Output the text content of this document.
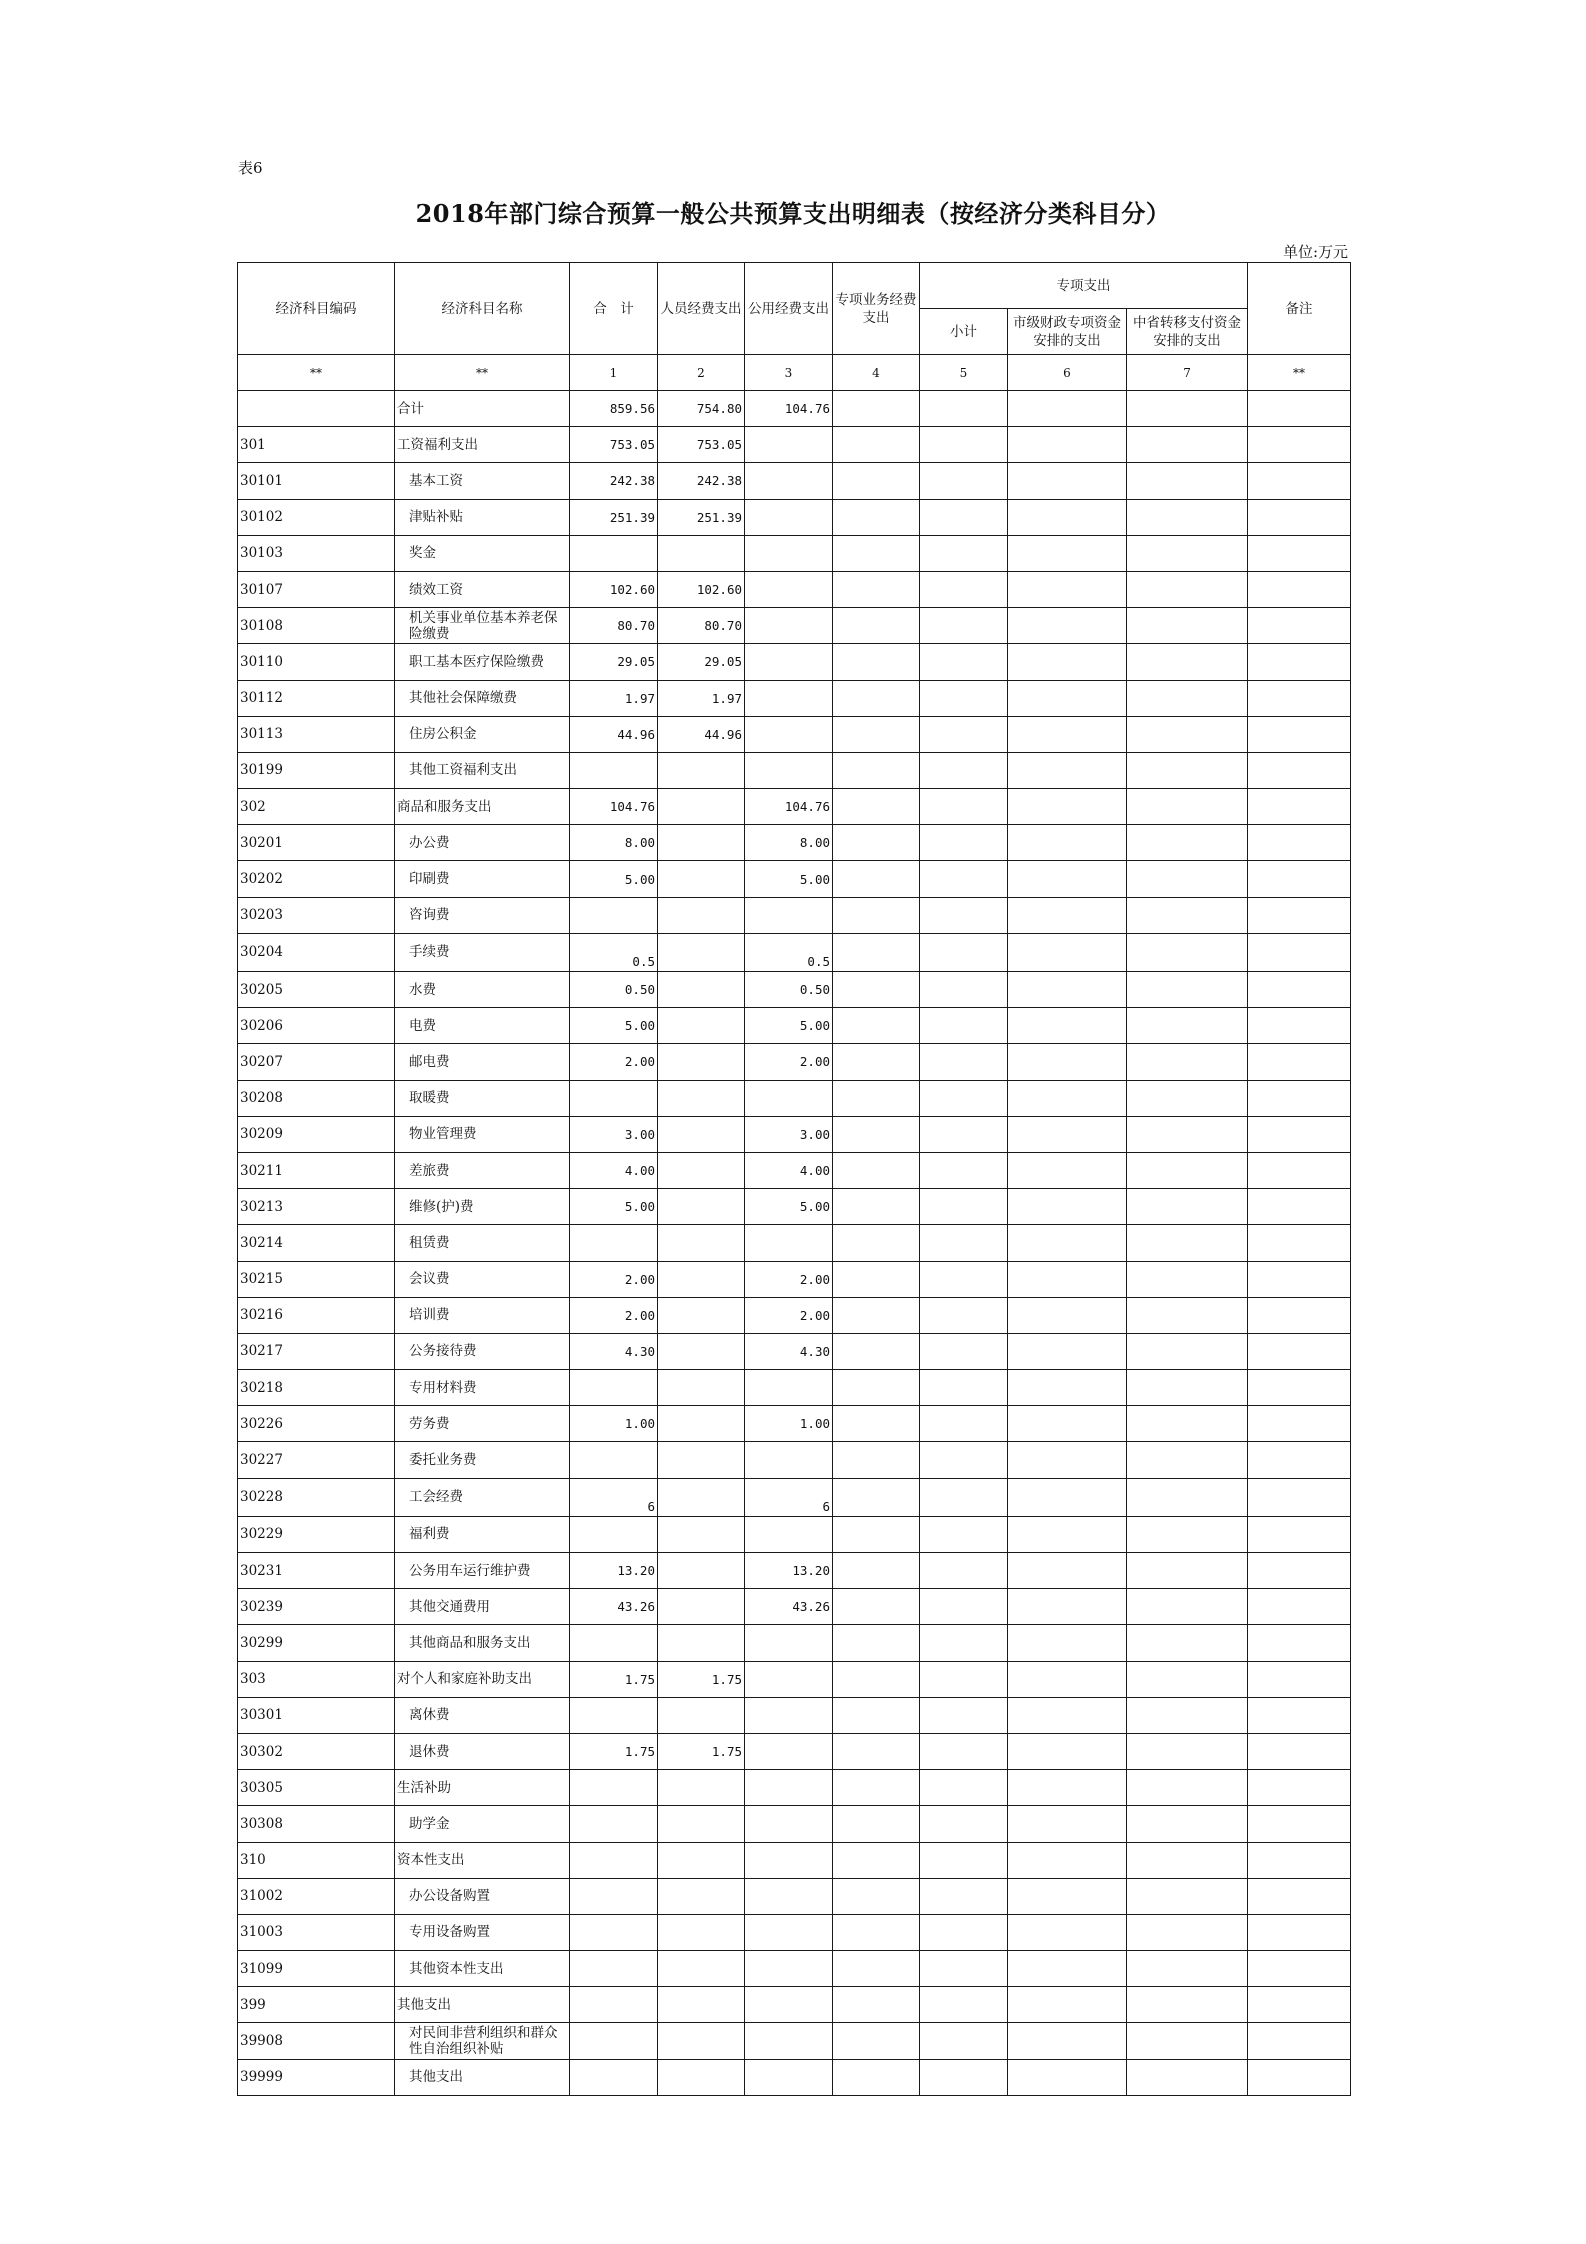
表6
2018年部门综合预算一般公共预算支出明细表（按经济分类科目分）
单位:万元
经济科目编码	经济科目名称	合　计	人员经费支出	公用经费支出	专项业务经费支出	专项支出			备注
						小计	市级财政专项资金安排的支出	中省转移支付资金安排的支出	
**	**	1	2	3	4	5	6	7	**
	合计	859.56	754.80	104.76					
301	工资福利支出	753.05	753.05						
30101	基本工资	242.38	242.38						
30102	津贴补贴	251.39	251.39						
30103	奖金								
30107	绩效工资	102.60	102.60						
30108	机关事业单位基本养老保险缴费	80.70	80.70						
30110	职工基本医疗保险缴费	29.05	29.05						
30112	其他社会保障缴费	1.97	1.97						
30113	住房公积金	44.96	44.96						
30199	其他工资福利支出								
302	商品和服务支出	104.76		104.76					
30201	办公费	8.00		8.00					
30202	印刷费	5.00		5.00					
30203	咨询费								
30204	手续费	0.5		0.5					
30205	水费	0.50		0.50					
30206	电费	5.00		5.00					
30207	邮电费	2.00		2.00					
30208	取暖费								
30209	物业管理费	3.00		3.00					
30211	差旅费	4.00		4.00					
30213	维修(护)费	5.00		5.00					
30214	租赁费								
30215	会议费	2.00		2.00					
30216	培训费	2.00		2.00					
30217	公务接待费	4.30		4.30					
30218	专用材料费								
30226	劳务费	1.00		1.00					
30227	委托业务费								
30228	工会经费	6		6					
30229	福利费								
30231	公务用车运行维护费	13.20		13.20					
30239	其他交通费用	43.26		43.26					
30299	其他商品和服务支出								
303	对个人和家庭补助支出	1.75	1.75						
30301	离休费								
30302	退休费	1.75	1.75						
30305	生活补助								
30308	助学金								
310	资本性支出								
31002	办公设备购置								
31003	专用设备购置								
31099	其他资本性支出								
399	其他支出								
39908	对民间非营利组织和群众性自治组织补贴								
39999	其他支出								
